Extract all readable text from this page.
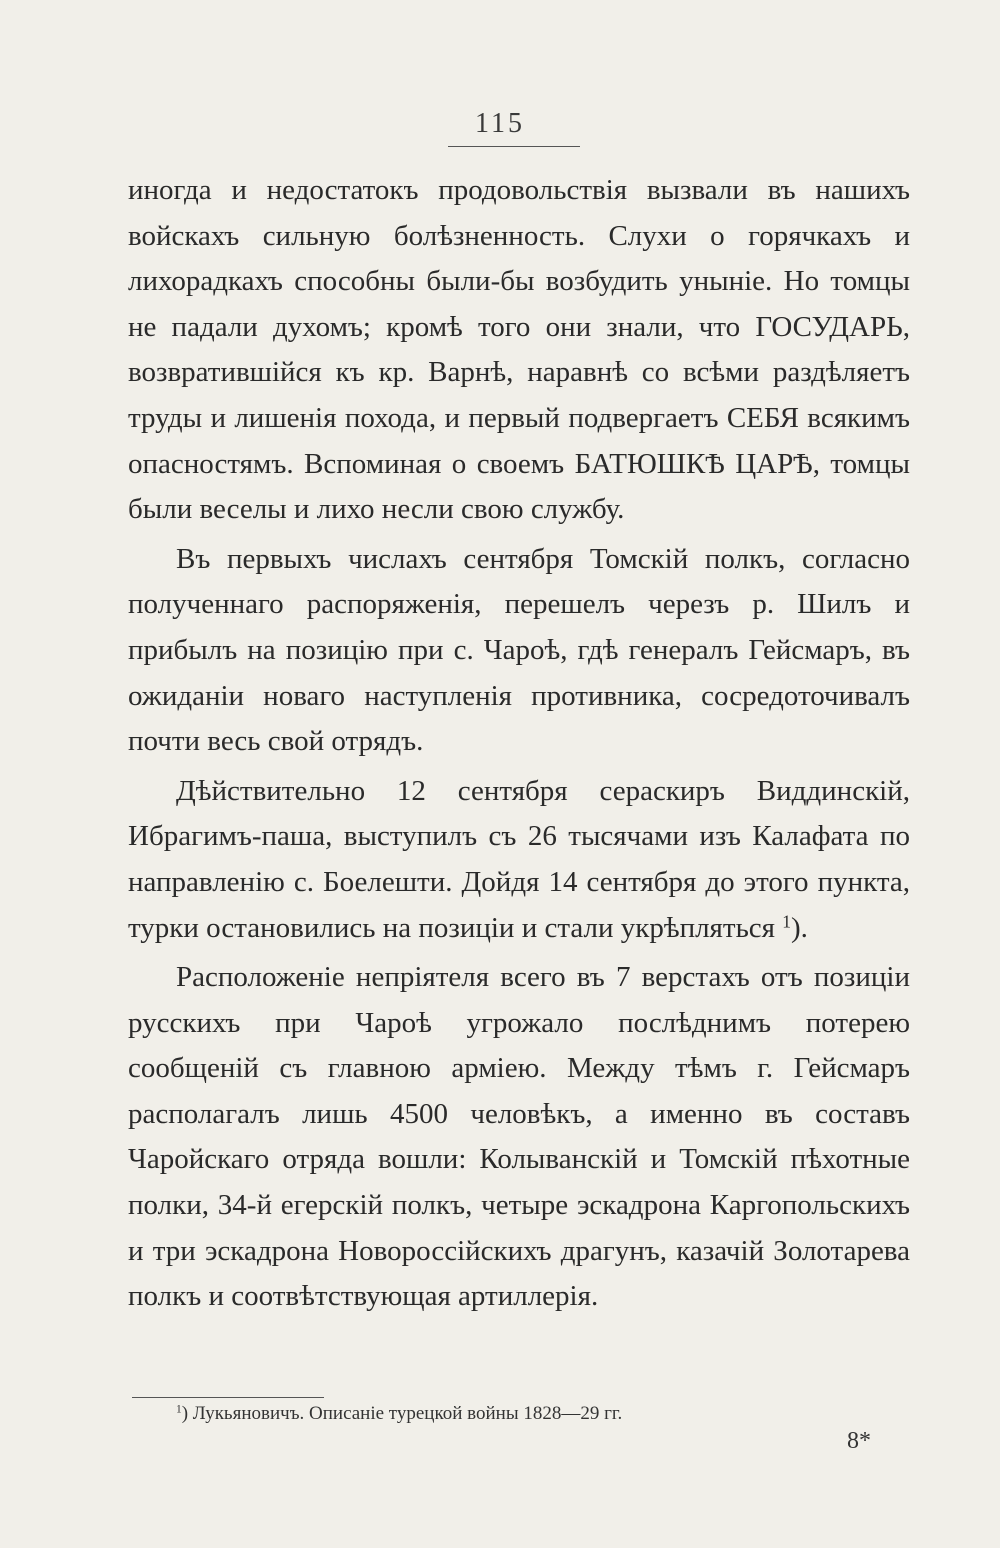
115

иногда и недостатокъ продовольствія вызвали въ нашихъ войскахъ сильную болѣзненность. Слухи о горячкахъ и лихорадкахъ способны были-бы возбудить уныніе. Но томцы не падали духомъ; кромѣ того они знали, что ГОСУДАРЬ, возвратившійся къ кр. Варнѣ, наравнѣ со всѣми раздѣляетъ труды и лишенія похода, и первый подвергаетъ СЕБЯ всякимъ опасностямъ. Вспоминая о своемъ БАТЮШКѢ ЦАРѢ, томцы были веселы и лихо несли свою службу.

Въ первыхъ числахъ сентября Томскій полкъ, согласно полученнаго распоряженія, перешелъ черезъ р. Шилъ и прибылъ на позицію при с. Чароѣ, гдѣ генералъ Гейсмаръ, въ ожиданіи новаго наступленія противника, сосредоточивалъ почти весь свой отрядъ.

Дѣйствительно 12 сентября сераскиръ Виддинскій, Ибрагимъ-паша, выступилъ съ 26 тысячами изъ Калафата по направленію с. Боелешти. Дойдя 14 сентября до этого пункта, турки остановились на позиціи и стали укрѣпляться $^1$).

Расположеніе непріятеля всего въ 7 верстахъ отъ позиціи русскихъ при Чароѣ угрожало послѣднимъ потерею сообщеній съ главною арміею. Между тѣмъ г. Гейсмаръ располагалъ лишь 4500 человѣкъ, а именно въ составъ Чаройскаго отряда вошли: Колыванскій и Томскій пѣхотные полки, 34-й егерскій полкъ, четыре эскадрона Каргопольскихъ и три эскадрона Новороссійскихъ драгунъ, казачій Золотарева полкъ и соотвѣтствующая артиллерія.

$^1$) Лукьяновичъ. Описаніе турецкой войны 1828—29 гг.
8*
